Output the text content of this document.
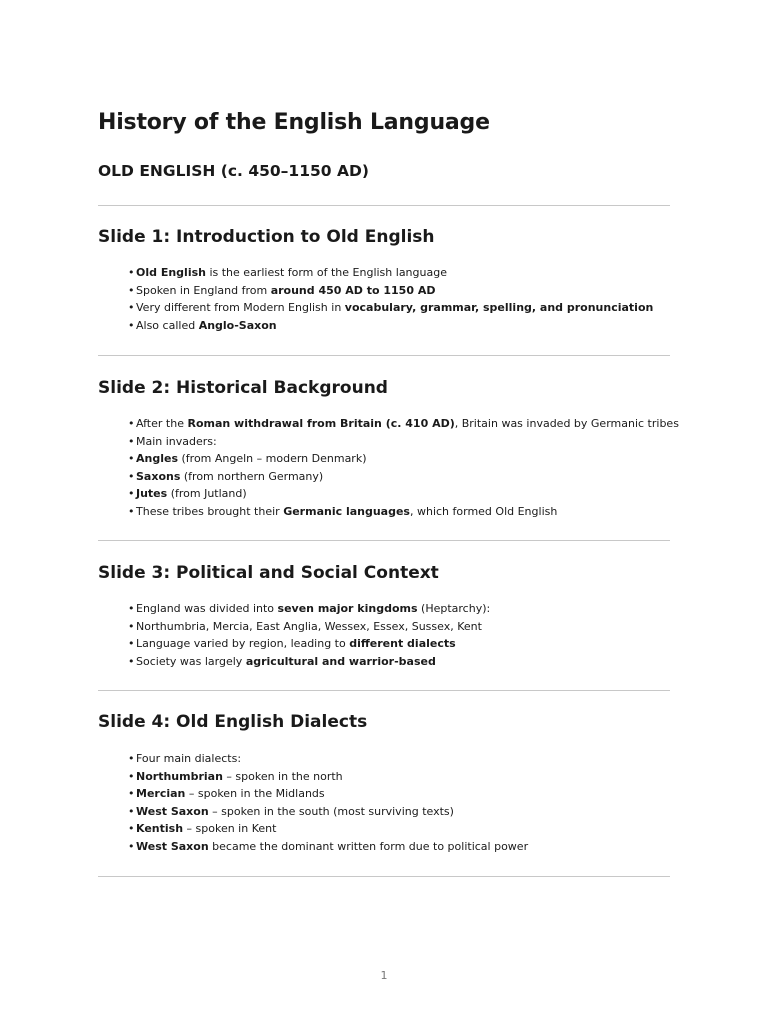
History of the English Language
OLD ENGLISH (c. 450–1150 AD)
Slide 1: Introduction to Old English
• Old English is the earliest form of the English language
• Spoken in England from around 450 AD to 1150 AD
• Very different from Modern English in vocabulary, grammar, spelling, and pronunciation
• Also called Anglo-Saxon
Slide 2: Historical Background
• After the Roman withdrawal from Britain (c. 410 AD), Britain was invaded by Germanic tribes
• Main invaders:
• Angles (from Angeln – modern Denmark)
• Saxons (from northern Germany)
• Jutes (from Jutland)
• These tribes brought their Germanic languages, which formed Old English
Slide 3: Political and Social Context
• England was divided into seven major kingdoms (Heptarchy):
• Northumbria, Mercia, East Anglia, Wessex, Essex, Sussex, Kent
• Language varied by region, leading to different dialects
• Society was largely agricultural and warrior-based
Slide 4: Old English Dialects
• Four main dialects:
• Northumbrian – spoken in the north
• Mercian – spoken in the Midlands
• West Saxon – spoken in the south (most surviving texts)
• Kentish – spoken in Kent
• West Saxon became the dominant written form due to political power
1
